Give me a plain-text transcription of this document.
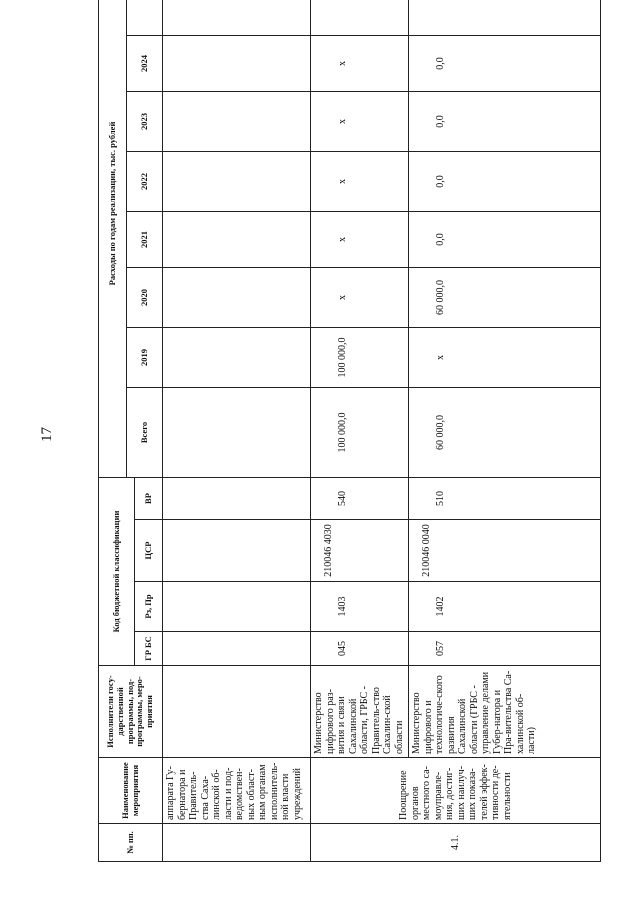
17
№ пп.	Наименование мероприятия	Исполнители госу-дарственной программы, под-программы, меро-приятия	Код бюджетной классификации				Расходы по годам реализации, тыс. рублей							
							Всего	2019	2020	2021	2022	2023	2024	
			ГР БС	Рз, Пр	ЦСР	ВР								
	аппарата Гу-бернатора и Правитель-ства Саха-линской об-ласти и под-ведомствен-ных област-ным органам исполнитель-ной власти учреждений													
4.1.	Поощрение органов местного са-моуправле-ния, достиг-ших наилуч-ших показа-телей эффек-тивности де-ятельности	Министерство цифрового раз-вития и связи Сахалинской области, ГРБС - Правитель-ство Сахалин-ской области	045	1403	210046 4030	540	100 000,0	100 000,0	х	х	х	х	х	
		Министерство цифрового и технологиче-ского развития Сахалинской области (ГРБС - управление делами Губер-натора и Пра-вительства Са-халинской об-ласти)	057	1402	210046 0040	510	60 000,0	х	60 000,0	0,0	0,0	0,0	0,0	
